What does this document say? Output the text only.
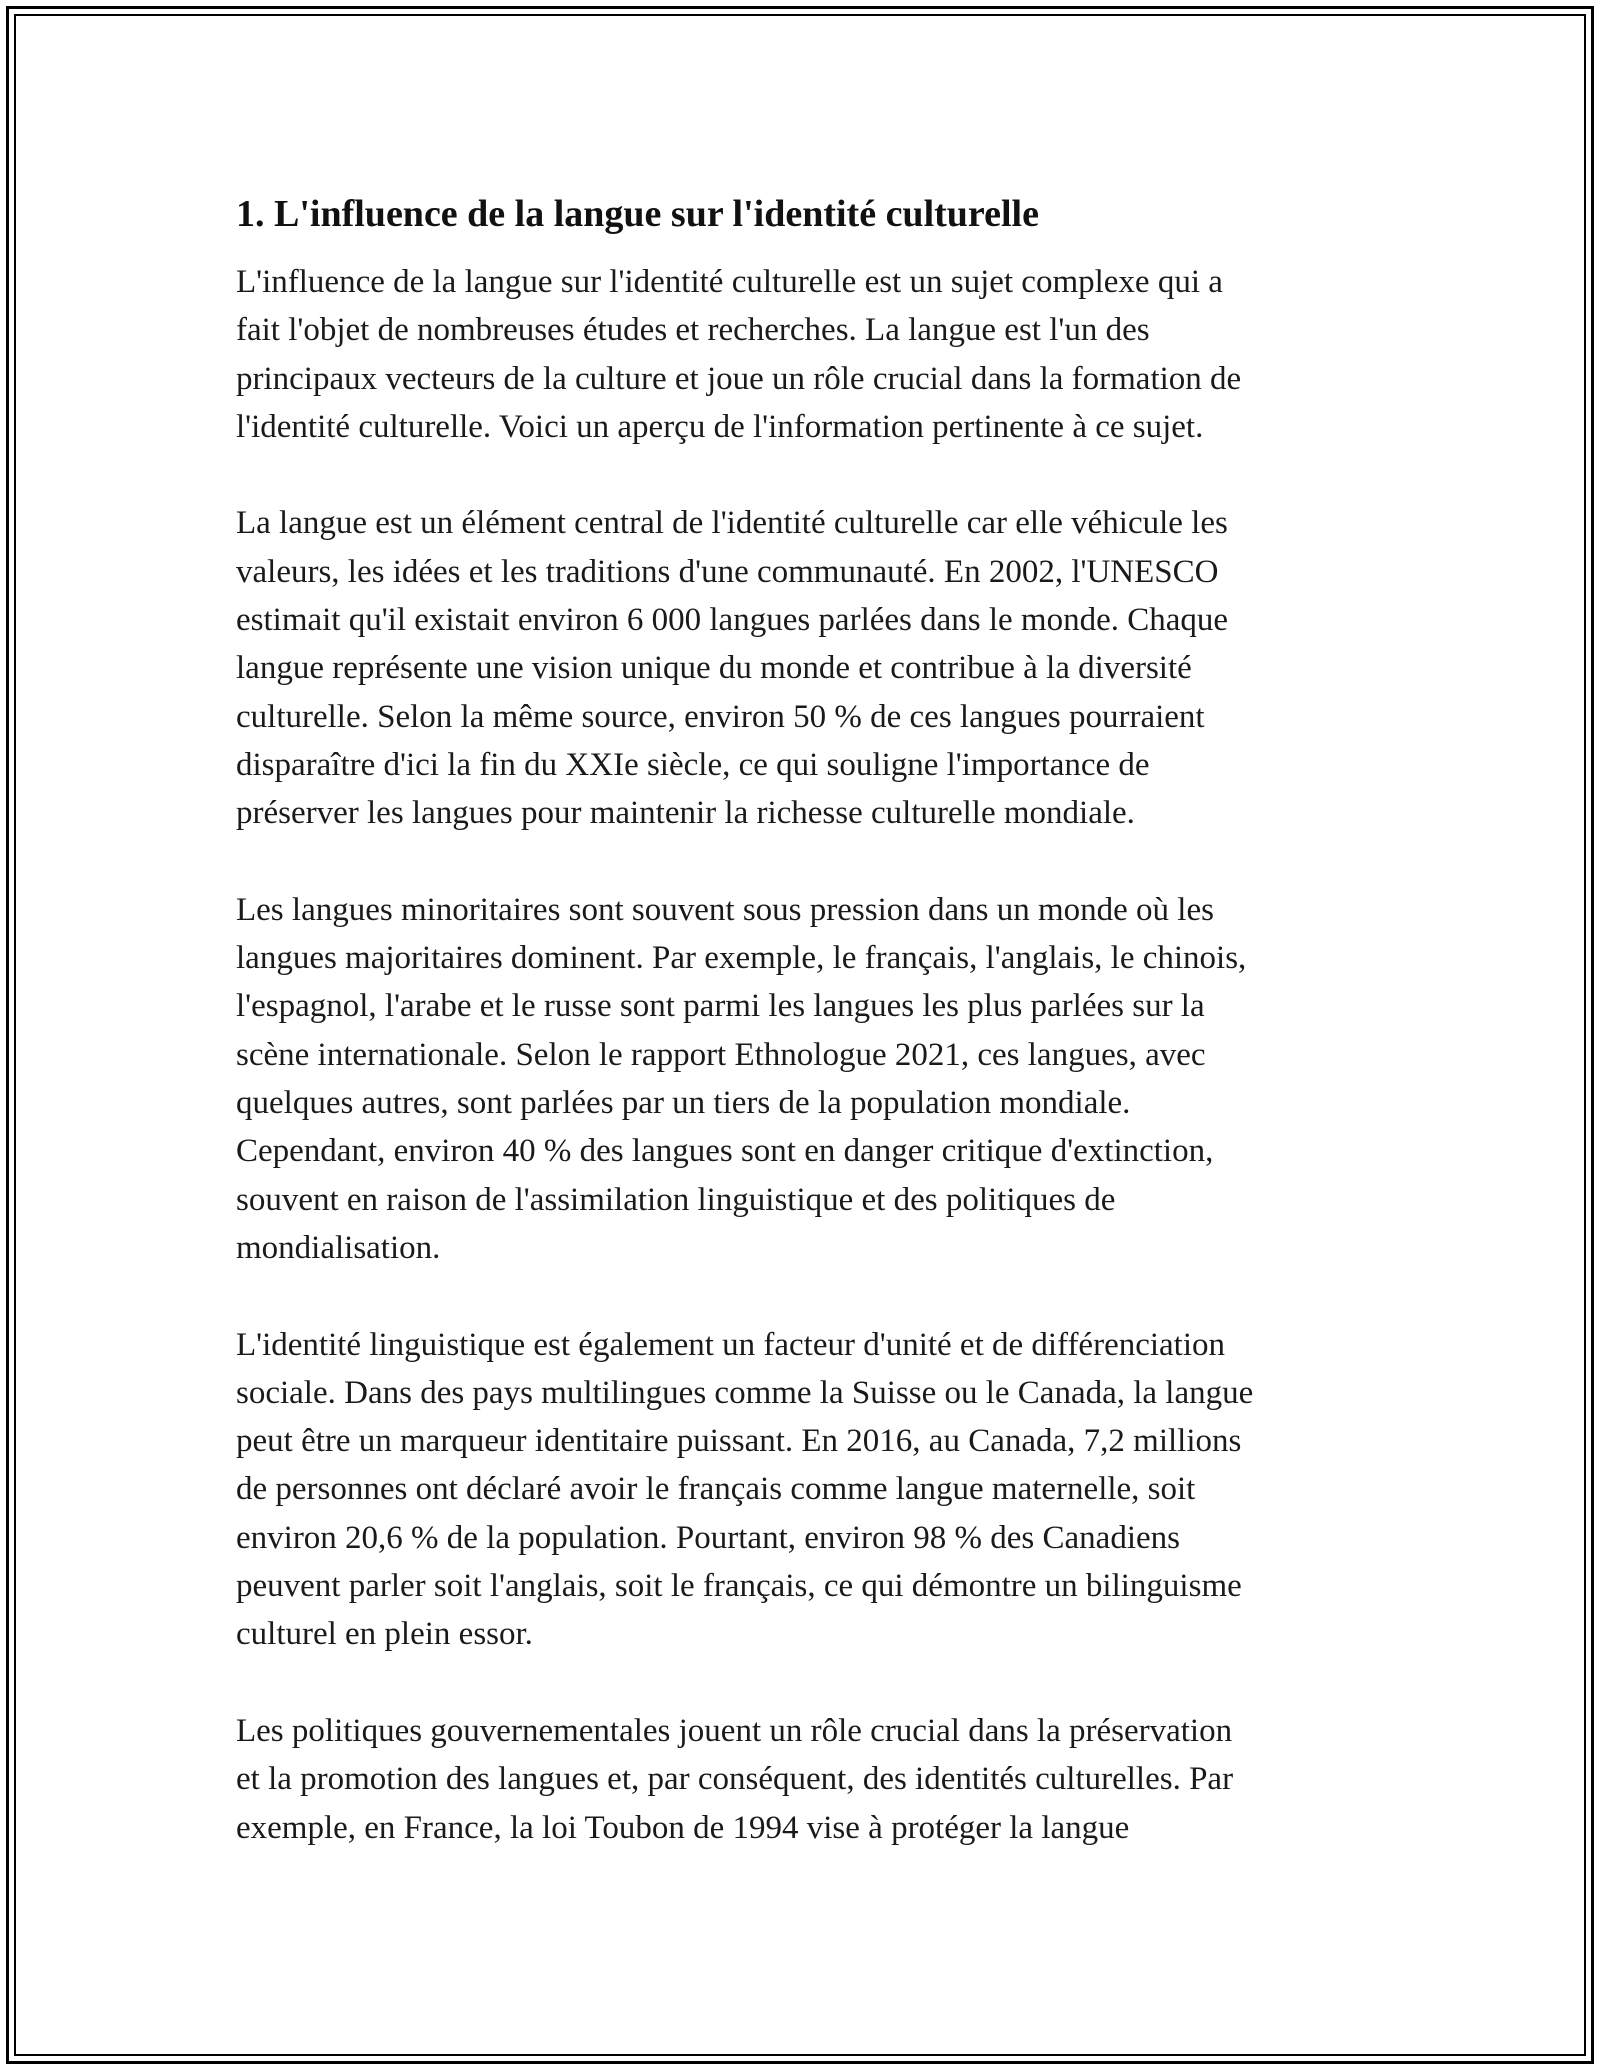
1. L'influence de la langue sur l'identité culturelle

L'influence de la langue sur l'identité culturelle est un sujet complexe qui a
fait l'objet de nombreuses études et recherches. La langue est l'un des
principaux vecteurs de la culture et joue un rôle crucial dans la formation de
l'identité culturelle. Voici un aperçu de l'information pertinente à ce sujet.

La langue est un élément central de l'identité culturelle car elle véhicule les
valeurs, les idées et les traditions d'une communauté. En 2002, l'UNESCO
estimait qu'il existait environ 6 000 langues parlées dans le monde. Chaque
langue représente une vision unique du monde et contribue à la diversité
culturelle. Selon la même source, environ 50 % de ces langues pourraient
disparaître d'ici la fin du XXIe siècle, ce qui souligne l'importance de
préserver les langues pour maintenir la richesse culturelle mondiale.

Les langues minoritaires sont souvent sous pression dans un monde où les
langues majoritaires dominent. Par exemple, le français, l'anglais, le chinois,
l'espagnol, l'arabe et le russe sont parmi les langues les plus parlées sur la
scène internationale. Selon le rapport Ethnologue 2021, ces langues, avec
quelques autres, sont parlées par un tiers de la population mondiale.
Cependant, environ 40 % des langues sont en danger critique d'extinction,
souvent en raison de l'assimilation linguistique et des politiques de
mondialisation.

L'identité linguistique est également un facteur d'unité et de différenciation
sociale. Dans des pays multilingues comme la Suisse ou le Canada, la langue
peut être un marqueur identitaire puissant. En 2016, au Canada, 7,2 millions
de personnes ont déclaré avoir le français comme langue maternelle, soit
environ 20,6 % de la population. Pourtant, environ 98 % des Canadiens
peuvent parler soit l'anglais, soit le français, ce qui démontre un bilinguisme
culturel en plein essor.

Les politiques gouvernementales jouent un rôle crucial dans la préservation
et la promotion des langues et, par conséquent, des identités culturelles. Par
exemple, en France, la loi Toubon de 1994 vise à protéger la langue
